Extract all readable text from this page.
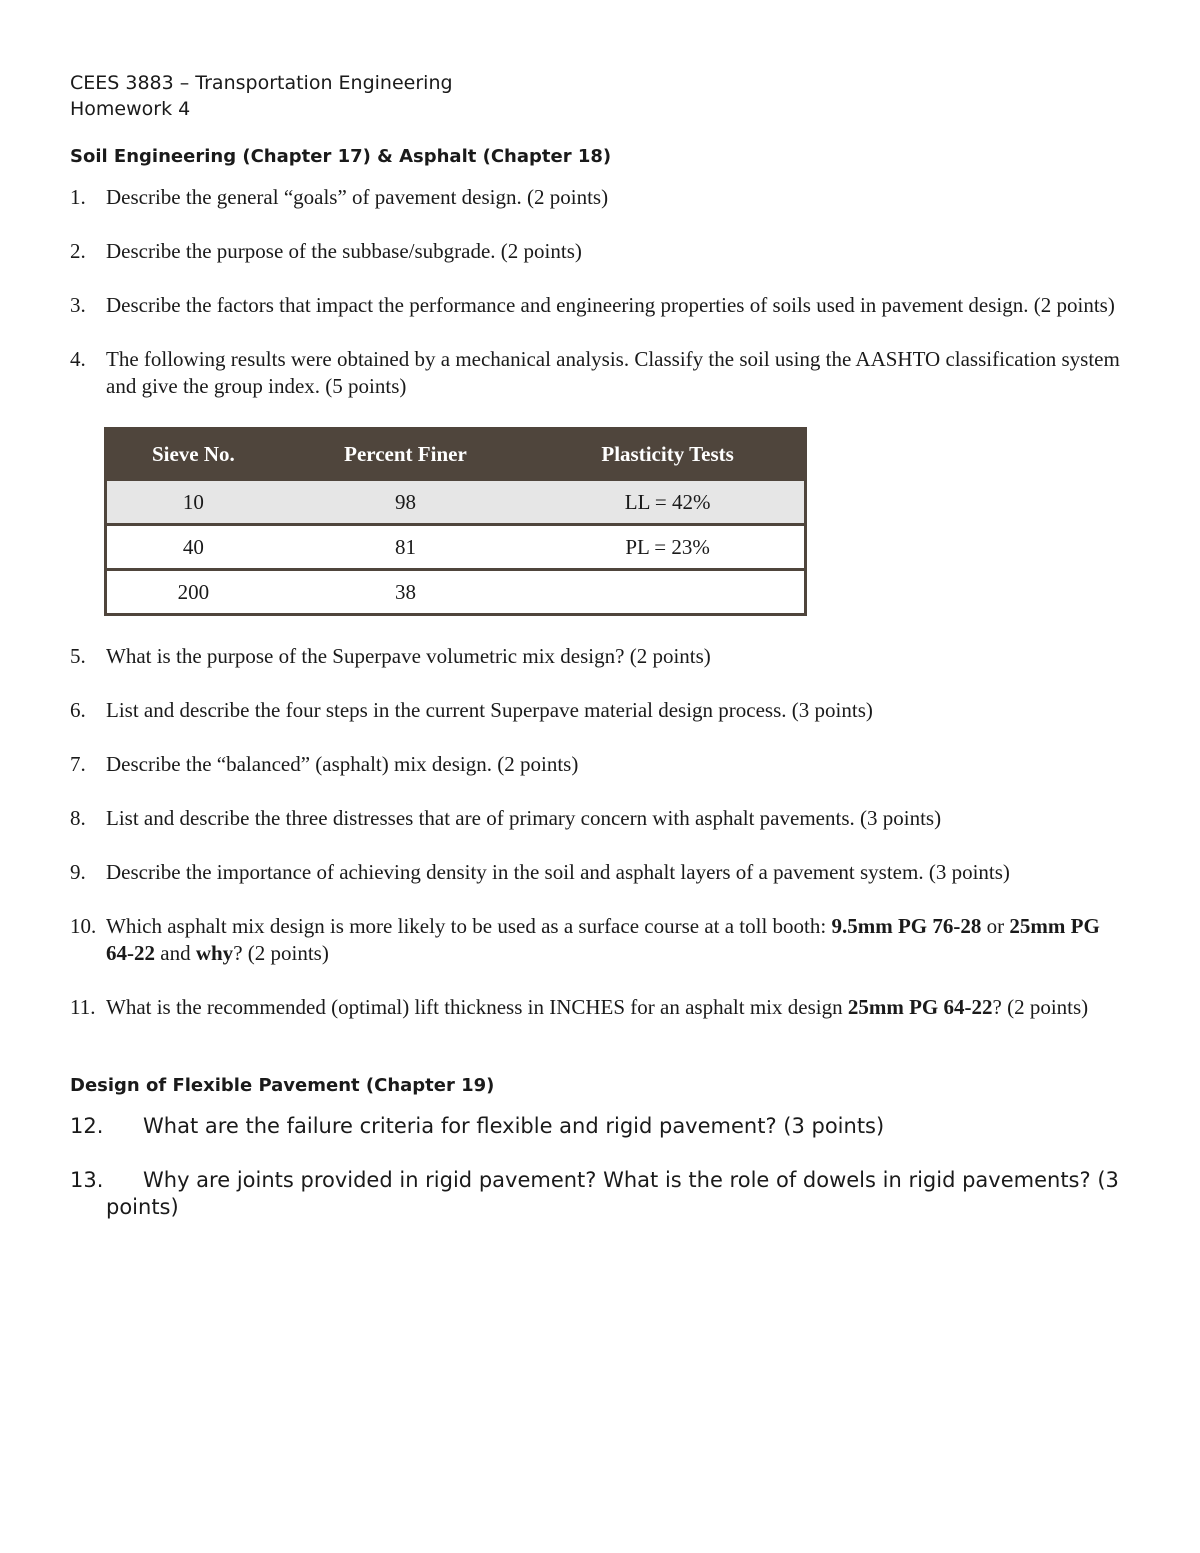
CEES 3883 – Transportation Engineering
Homework 4
Soil Engineering (Chapter 17) & Asphalt (Chapter 18)
1. Describe the general “goals” of pavement design. (2 points)
2. Describe the purpose of the subbase/subgrade. (2 points)
3. Describe the factors that impact the performance and engineering properties of soils used in pavement design. (2 points)
4. The following results were obtained by a mechanical analysis. Classify the soil using the AASHTO classification system and give the group index. (5 points)
Sieve No.	Percent Finer	Plasticity Tests
10	98	LL = 42%
40	81	PL = 23%
200	38	
5. What is the purpose of the Superpave volumetric mix design? (2 points)
6. List and describe the four steps in the current Superpave material design process. (3 points)
7. Describe the “balanced” (asphalt) mix design. (2 points)
8. List and describe the three distresses that are of primary concern with asphalt pavements. (3 points)
9. Describe the importance of achieving density in the soil and asphalt layers of a pavement system. (3 points)
10. Which asphalt mix design is more likely to be used as a surface course at a toll booth: 9.5mm PG 76-28 or 25mm PG 64-22 and why? (2 points)
11. What is the recommended (optimal) lift thickness in INCHES for an asphalt mix design 25mm PG 64-22? (2 points)
Design of Flexible Pavement (Chapter 19)
12. What are the failure criteria for flexible and rigid pavement? (3 points)
13. Why are joints provided in rigid pavement? What is the role of dowels in rigid pavements? (3 points)
